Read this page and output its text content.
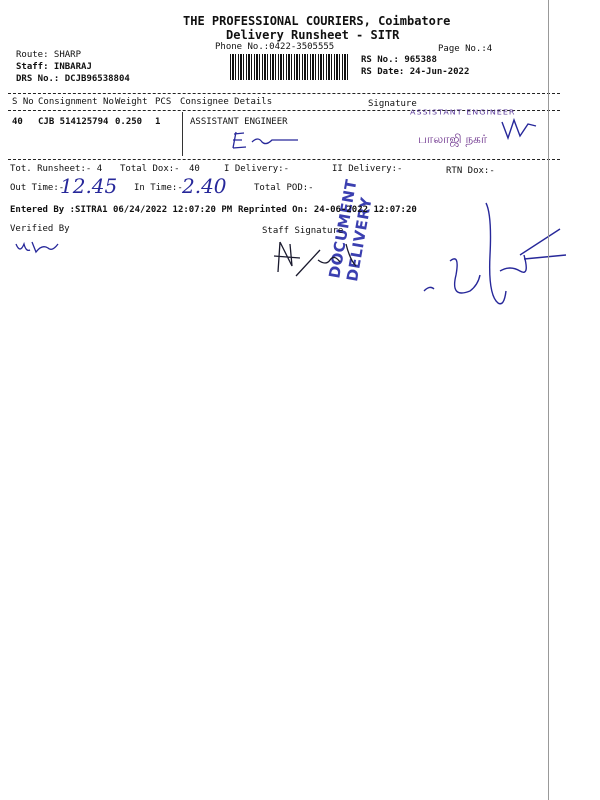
THE PROFESSIONAL COURIERS, Coimbatore
Delivery Runsheet - SITR
Phone No.:0422-3505555	Page No.:4
Route: SHARP
Staff: INBARAJ
DRS No.: DCJB96538804
RS No.: 965388
RS Date: 24-Jun-2022
S No Consignment No Weight PCS Consignee Details	Signature
40 CJB 514125794 0.250 1	ASSISTANT ENGINEER
ASSISTANT ENGINEER
பாலாஜி நகர்
DOCUMENT DELIVERY
Tot. Runsheet:- 4 Total Dox:- 40	I Delivery:-	II Delivery:-	RTN Dox:-
Out Time:-
12.45 In Time:- 2.40	Total POD:-
Entered By :SITRA1 06/24/2022 12:07:20 PM Reprinted On: 24-06-2022 12:07:20
Verified By	Staff Signature
